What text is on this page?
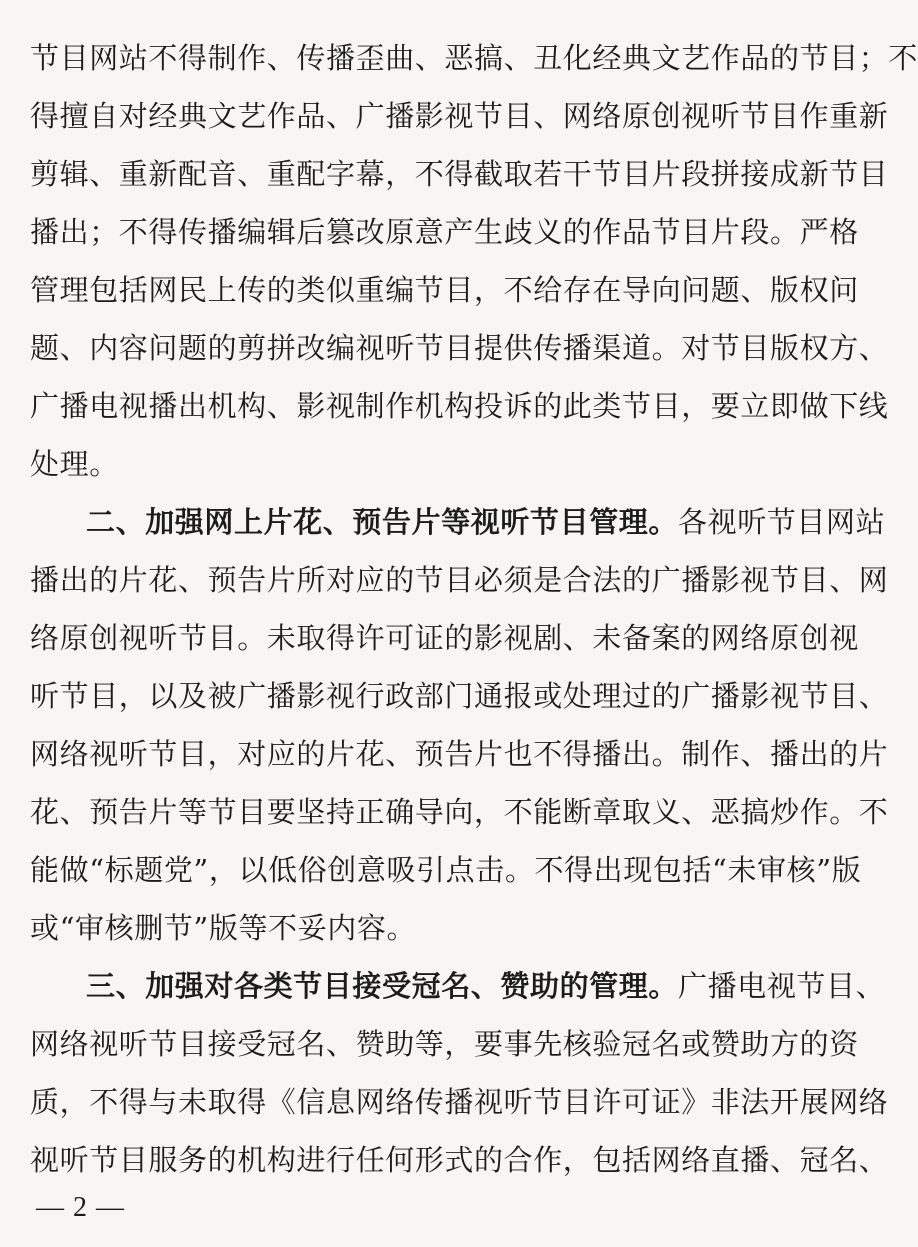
节目网站不得制作、传播歪曲、恶搞、丑化经典文艺作品的节目；不
得擅自对经典文艺作品、广播影视节目、网络原创视听节目作重新
剪辑、重新配音、重配字幕，不得截取若干节目片段拼接成新节目
播出；不得传播编辑后篡改原意产生歧义的作品节目片段。严格
管理包括网民上传的类似重编节目，不给存在导向问题、版权问
题、内容问题的剪拼改编视听节目提供传播渠道。对节目版权方、
广播电视播出机构、影视制作机构投诉的此类节目，要立即做下线
处理。
二、加强网上片花、预告片等视听节目管理。各视听节目网站
播出的片花、预告片所对应的节目必须是合法的广播影视节目、网
络原创视听节目。未取得许可证的影视剧、未备案的网络原创视
听节目，以及被广播影视行政部门通报或处理过的广播影视节目、
网络视听节目，对应的片花、预告片也不得播出。制作、播出的片
花、预告片等节目要坚持正确导向，不能断章取义、恶搞炒作。不
能做“标题党”，以低俗创意吸引点击。不得出现包括“未审核”版
或“审核删节”版等不妥内容。
三、加强对各类节目接受冠名、赞助的管理。广播电视节目、
网络视听节目接受冠名、赞助等，要事先核验冠名或赞助方的资
质，不得与未取得《信息网络传播视听节目许可证》非法开展网络
视听节目服务的机构进行任何形式的合作，包括网络直播、冠名、
— 2 —
